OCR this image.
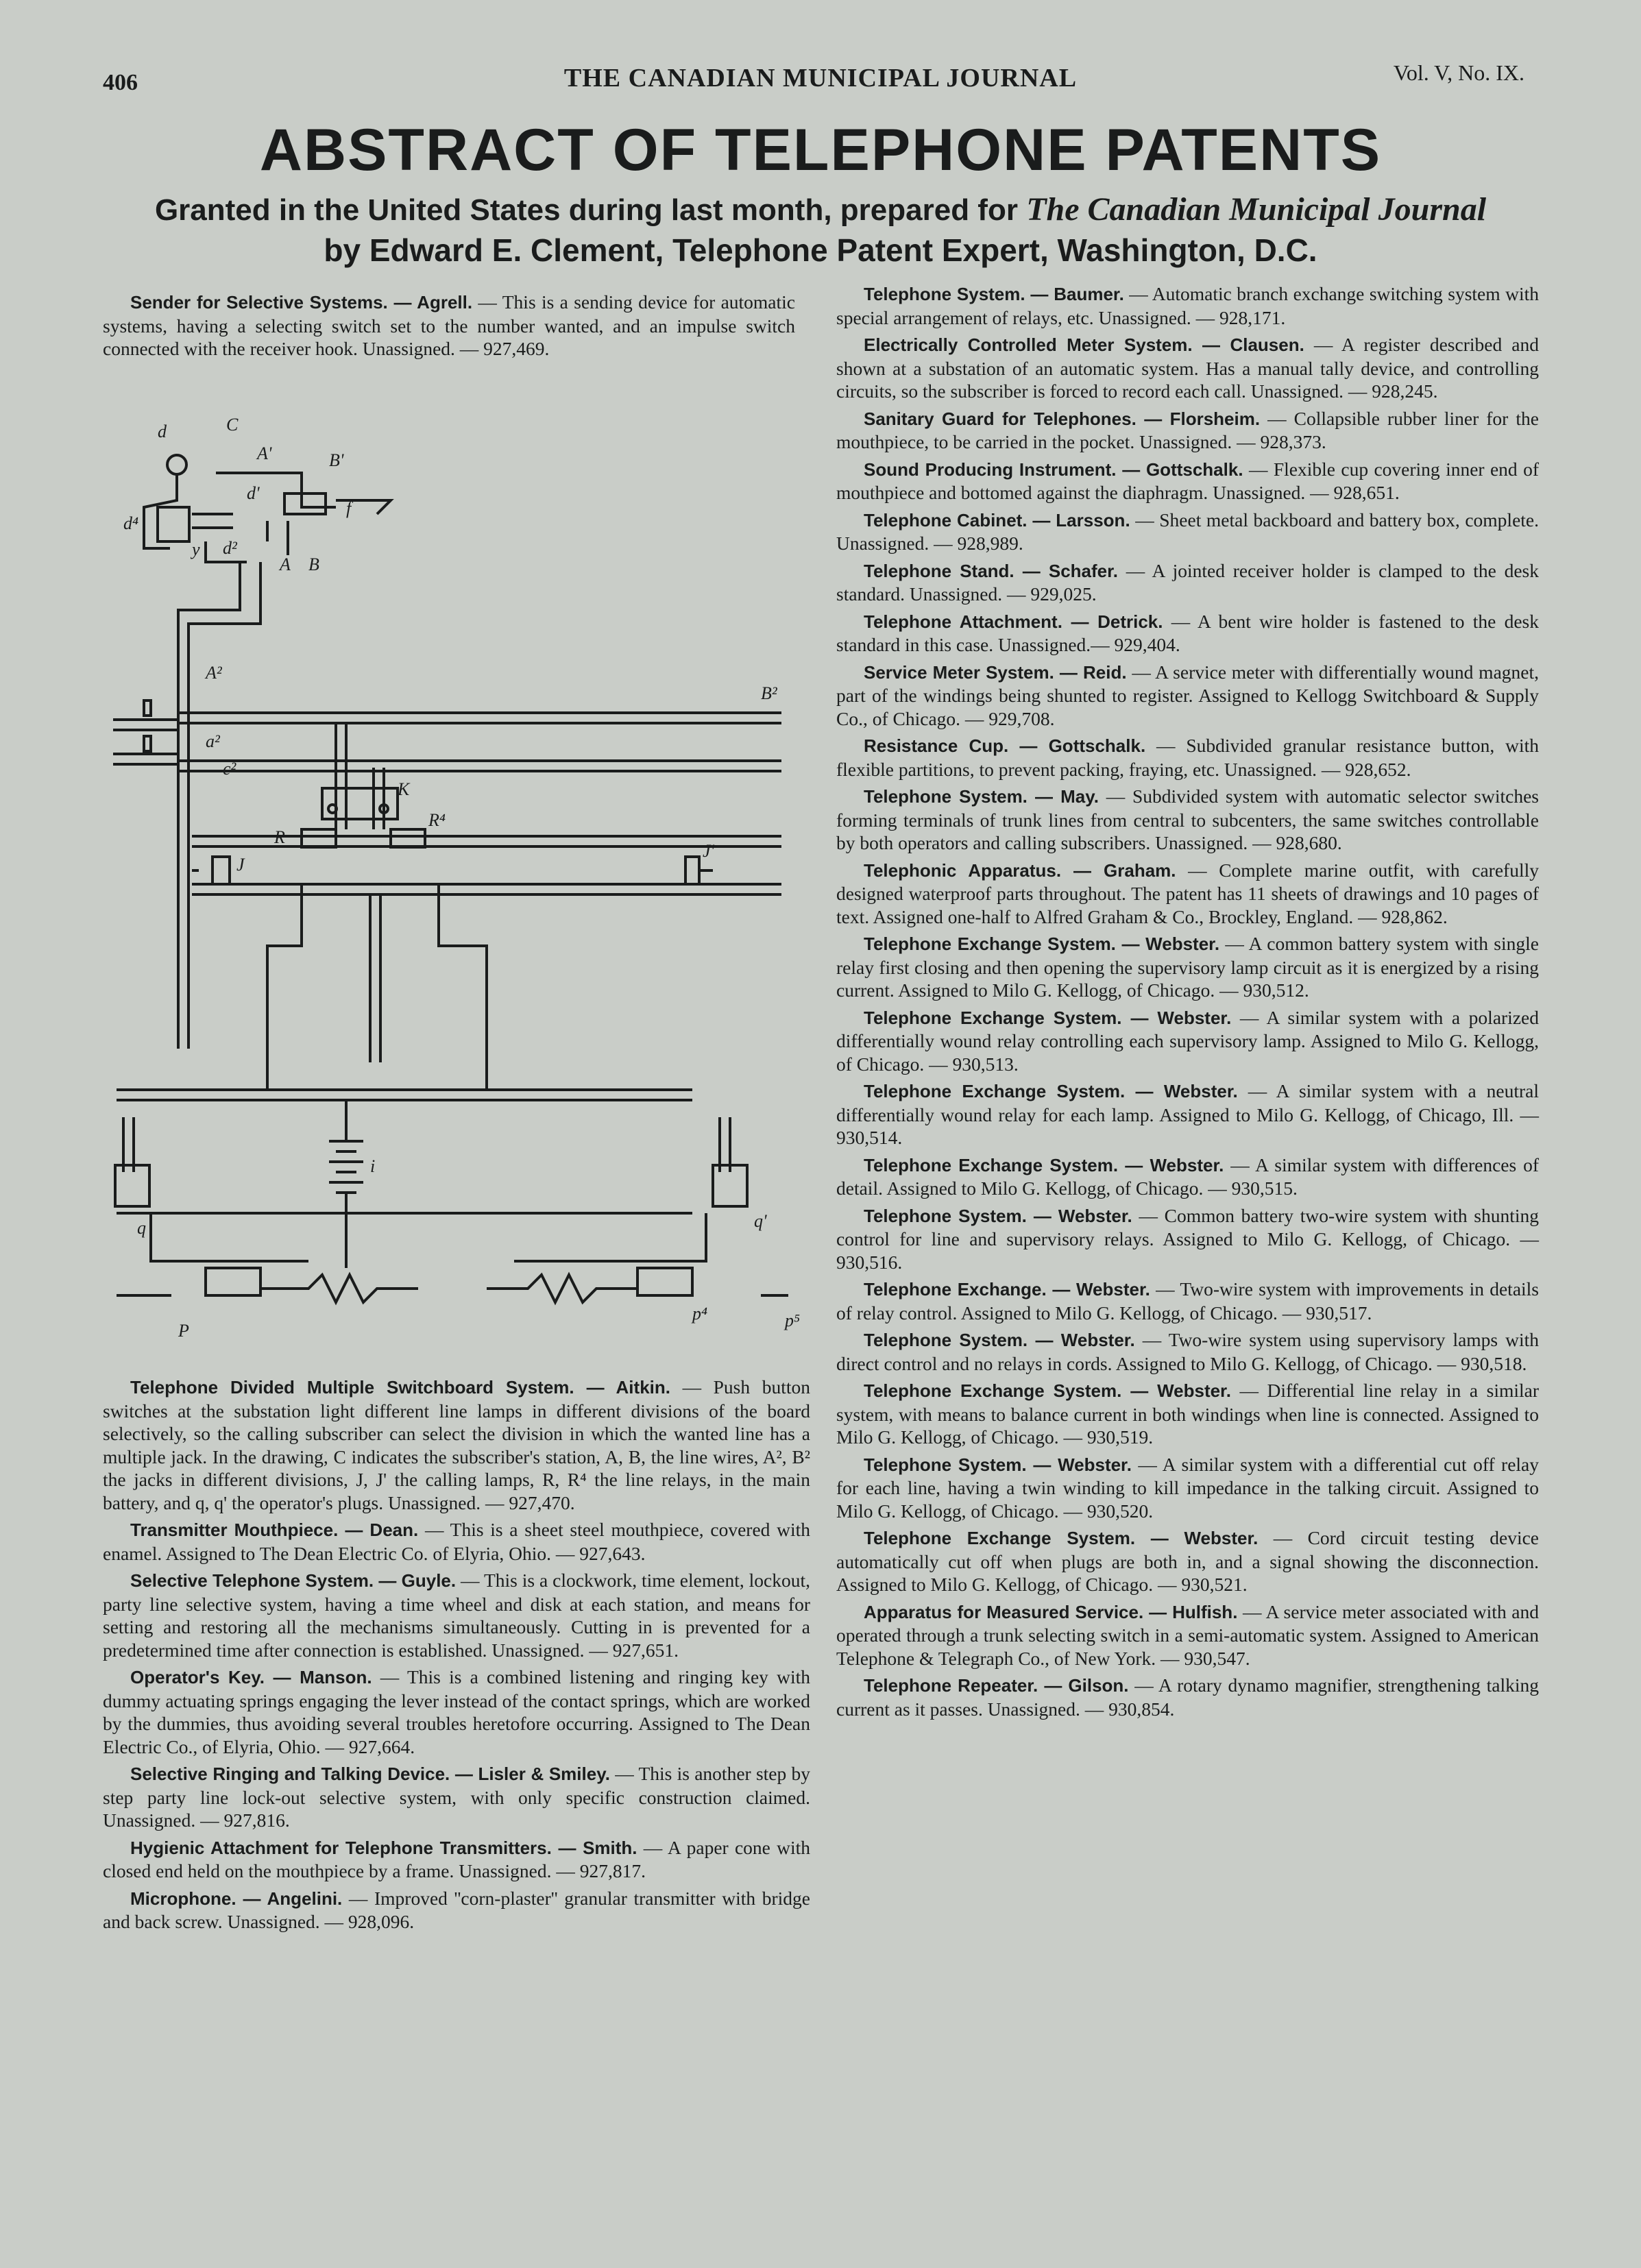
406	THE CANADIAN MUNICIPAL JOURNAL	Vol. V, No. IX.
ABSTRACT OF TELEPHONE PATENTS
Granted in the United States during last month, prepared for The Canadian Municipal Journal
by Edward E. Clement, Telephone Patent Expert, Washington, D.C.

Sender for Selective Systems. — Agrell. — This is a sending device for automatic systems, having a selecting switch set to the number wanted, and an impulse switch connected with the receiver hook. Unassigned. — 927,469.

d	C
A'	B'
d'
d⁴
y d²
f
A B
A²
a²
c²
B²
J
J'
R
R⁴
K
q	q'
i
P
p⁴	p⁵

Telephone Divided Multiple Switchboard System. — Aitkin. — Push button switches at the substation light different line lamps in different divisions of the board selectively, so the calling subscriber can select the division in which the wanted line has a multiple jack. In the drawing, C indicates the subscriber's station, A, B, the line wires, A², B² the jacks in different divisions, J, J' the calling lamps, R, R⁴ the line relays, in the main battery, and q, q' the operator's plugs. Unassigned. — 927,470.

Transmitter Mouthpiece. — Dean. — This is a sheet steel mouthpiece, covered with enamel. Assigned to The Dean Electric Co. of Elyria, Ohio. — 927,643.

Selective Telephone System. — Guyle. — This is a clockwork, time element, lockout, party line selective system, having a time wheel and disk at each station, and means for setting and restoring all the mechanisms simultaneously. Cutting in is prevented for a predetermined time after connection is established. Unassigned. — 927,651.

Operator's Key. — Manson. — This is a combined listening and ringing key with dummy actuating springs engaging the lever instead of the contact springs, which are worked by the dummies, thus avoiding several troubles heretofore occurring. Assigned to The Dean Electric Co., of Elyria, Ohio. — 927,664.

Selective Ringing and Talking Device. — Lisler & Smiley. — This is another step by step party line lock-out selective system, with only specific construction claimed. Unassigned. — 927,816.

Hygienic Attachment for Telephone Transmitters. — Smith. — A paper cone with closed end held on the mouthpiece by a frame. Unassigned. — 927,817.

Microphone. — Angelini. — Improved ''corn-plaster'' granular transmitter with bridge and back screw. Unassigned. — 928,096.

Telephone System. — Baumer. — Automatic branch exchange switching system with special arrangement of relays, etc. Unassigned. — 928,171.

Electrically Controlled Meter System. — Clausen. — A register described and shown at a substation of an automatic system. Has a manual tally device, and controlling circuits, so the subscriber is forced to record each call. Unassigned. — 928,245.

Sanitary Guard for Telephones. — Florsheim. — Collapsible rubber liner for the mouthpiece, to be carried in the pocket. Unassigned. — 928,373.

Sound Producing Instrument. — Gottschalk. — Flexible cup covering inner end of mouthpiece and bottomed against the diaphragm. Unassigned. — 928,651.

Telephone Cabinet. — Larsson. — Sheet metal backboard and battery box, complete. Unassigned. — 928,989.

Telephone Stand. — Schafer. — A jointed receiver holder is clamped to the desk standard. Unassigned. — 929,025.

Telephone Attachment. — Detrick. — A bent wire holder is fastened to the desk standard in this case. Unassigned.— 929,404.

Service Meter System. — Reid. — A service meter with differentially wound magnet, part of the windings being shunted to register. Assigned to Kellogg Switchboard & Supply Co., of Chicago. — 929,708.

Resistance Cup. — Gottschalk. — Subdivided granular resistance button, with flexible partitions, to prevent packing, fraying, etc. Unassigned. — 928,652.

Telephone System. — May. — Subdivided system with automatic selector switches forming terminals of trunk lines from central to subcenters, the same switches controllable by both operators and calling subscribers. Unassigned. — 928,680.

Telephonic Apparatus. — Graham. — Complete marine outfit, with carefully designed waterproof parts throughout. The patent has 11 sheets of drawings and 10 pages of text. Assigned one-half to Alfred Graham & Co., Brockley, England. — 928,862.

Telephone Exchange System. — Webster. — A common battery system with single relay first closing and then opening the supervisory lamp circuit as it is energized by a rising current. Assigned to Milo G. Kellogg, of Chicago. — 930,512.

Telephone Exchange System. — Webster. — A similar system with a polarized differentially wound relay controlling each supervisory lamp. Assigned to Milo G. Kellogg, of Chicago. — 930,513.

Telephone Exchange System. — Webster. — A similar system with a neutral differentially wound relay for each lamp. Assigned to Milo G. Kellogg, of Chicago, Ill. — 930,514.

Telephone Exchange System. — Webster. — A similar system with differences of detail. Assigned to Milo G. Kellogg, of Chicago. — 930,515.

Telephone System. — Webster. — Common battery two-wire system with shunting control for line and supervisory relays. Assigned to Milo G. Kellogg, of Chicago. — 930,516.

Telephone Exchange. — Webster. — Two-wire system with improvements in details of relay control. Assigned to Milo G. Kellogg, of Chicago. — 930,517.

Telephone System. — Webster. — Two-wire system using supervisory lamps with direct control and no relays in cords. Assigned to Milo G. Kellogg, of Chicago. — 930,518.

Telephone Exchange System. — Webster. — Differential line relay in a similar system, with means to balance current in both windings when line is connected. Assigned to Milo G. Kellogg, of Chicago. — 930,519.

Telephone System. — Webster. — A similar system with a differential cut off relay for each line, having a twin winding to kill impedance in the talking circuit. Assigned to Milo G. Kellogg, of Chicago. — 930,520.

Telephone Exchange System. — Webster. — Cord circuit testing device automatically cut off when plugs are both in, and a signal showing the disconnection. Assigned to Milo G. Kellogg, of Chicago. — 930,521.

Apparatus for Measured Service. — Hulfish. — A service meter associated with and operated through a trunk selecting switch in a semi-automatic system. Assigned to American Telephone & Telegraph Co., of New York. — 930,547.

Telephone Repeater. — Gilson. — A rotary dynamo magnifier, strengthening talking current as it passes. Unassigned. — 930,854.
